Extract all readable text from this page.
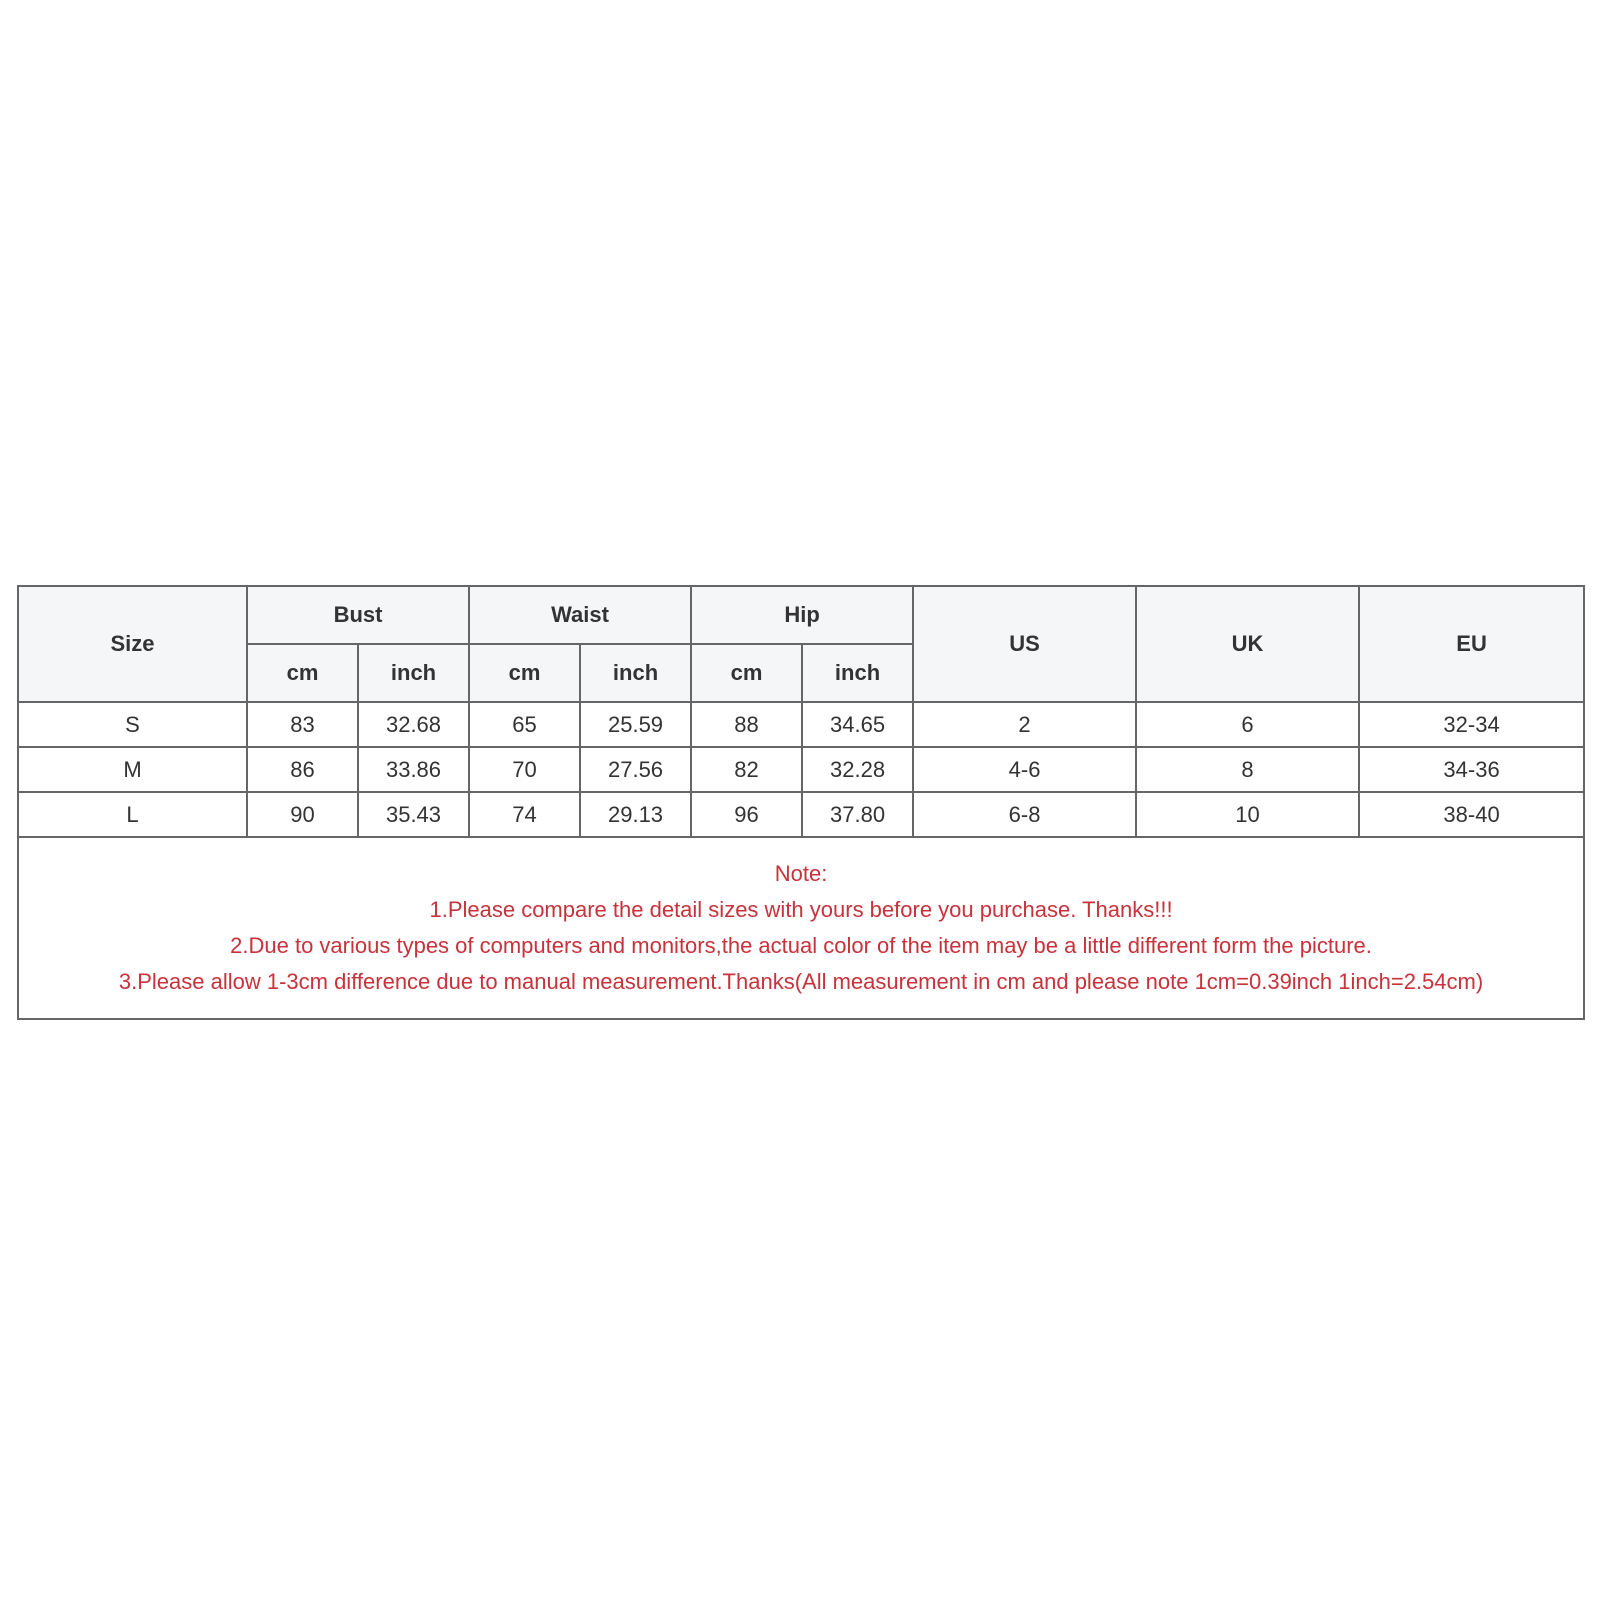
Size	Bust		Waist		Hip		US	UK	EU
	cm	inch	cm	inch	cm	inch			
S	83	32.68	65	25.59	88	34.65	2	6	32-34
M	86	33.86	70	27.56	82	32.28	4-6	8	34-36
L	90	35.43	74	29.13	96	37.80	6-8	10	38-40

Note:
1.Please compare the detail sizes with yours before you purchase. Thanks!!!
2.Due to various types of computers and monitors,the actual color of the item may be a little different form the picture.
3.Please allow 1-3cm difference due to manual measurement.Thanks(All measurement in cm and please note 1cm=0.39inch 1inch=2.54cm)									
